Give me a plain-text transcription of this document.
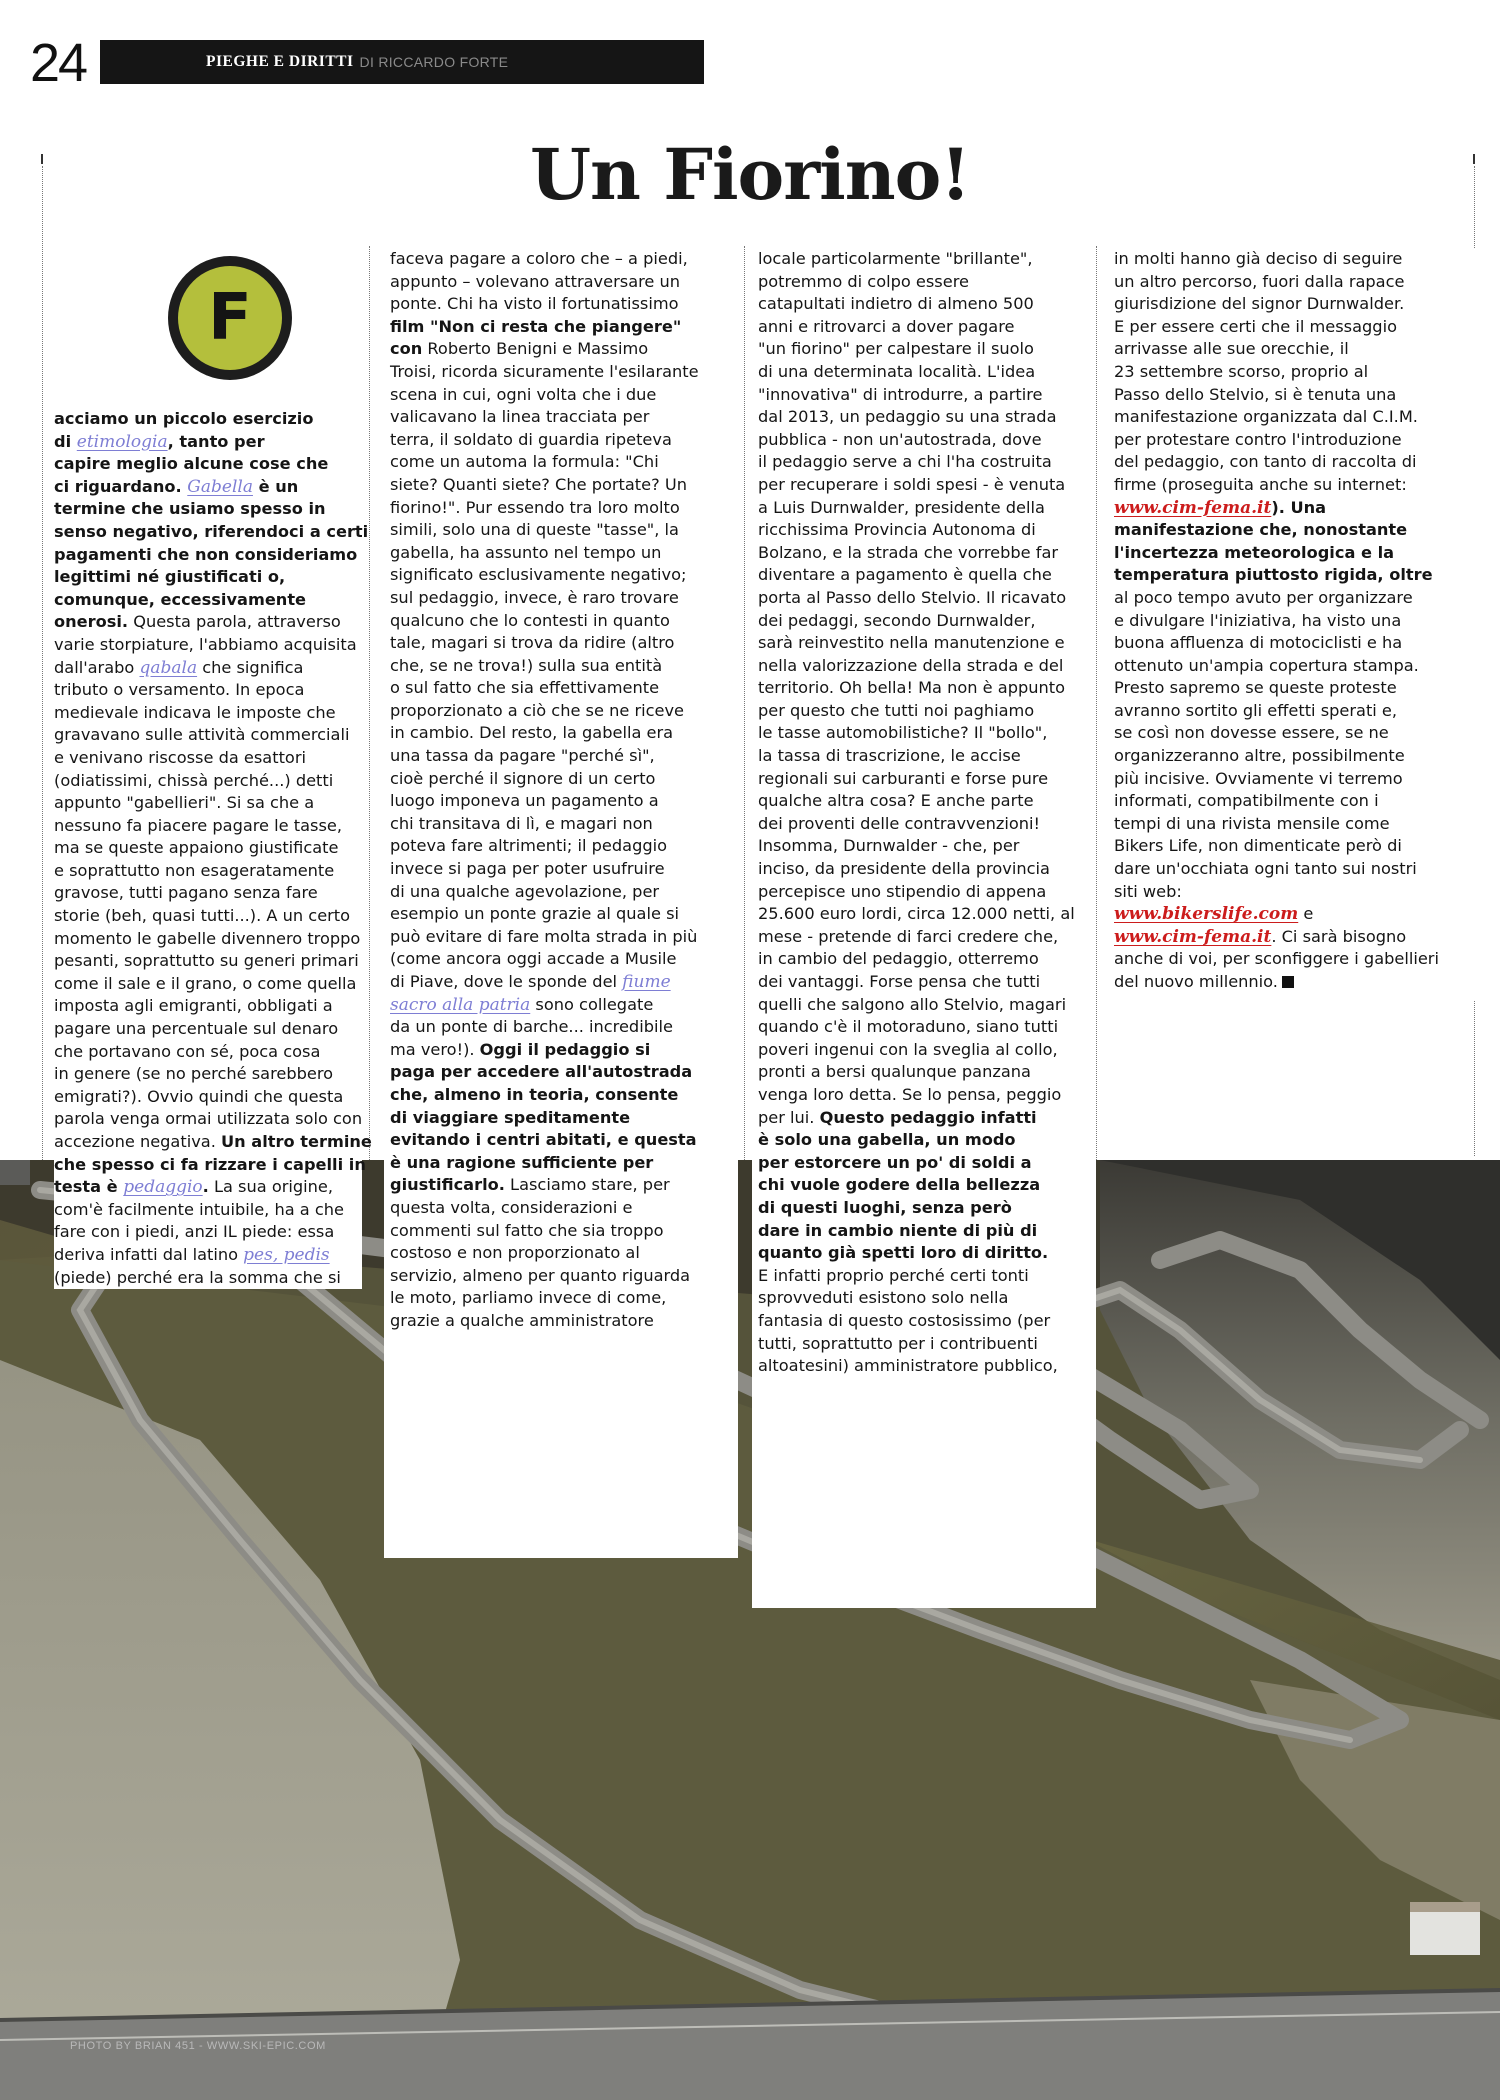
24	PIEGHE E DIRITTI DI RICCARDO FORTE
Un Fiorino!
PHOTO BY BRIAN 451 - WWW.SKI-EPIC.COM
F
acciamo un piccolo esercizio
di etimologia, tanto per
capire meglio alcune cose che
ci riguardano. Gabella è un
termine che usiamo spesso in
senso negativo, riferendoci a certi
pagamenti che non consideriamo
legittimi né giustificati o,
comunque, eccessivamente
onerosi. Questa parola, attraverso
varie storpiature, l'abbiamo acquisita
dall'arabo qabala che significa
tributo o versamento. In epoca
medievale indicava le imposte che
gravavano sulle attività commerciali
e venivano riscosse da esattori
(odiatissimi, chissà perché...) detti
appunto "gabellieri". Si sa che a
nessuno fa piacere pagare le tasse,
ma se queste appaiono giustificate
e soprattutto non esageratamente
gravose, tutti pagano senza fare
storie (beh, quasi tutti...). A un certo
momento le gabelle divennero troppo
pesanti, soprattutto su generi primari
come il sale e il grano, o come quella
imposta agli emigranti, obbligati a
pagare una percentuale sul denaro
che portavano con sé, poca cosa
in genere (se no perché sarebbero
emigrati?). Ovvio quindi che questa
parola venga ormai utilizzata solo con
accezione negativa. Un altro termine
che spesso ci fa rizzare i capelli in
testa è pedaggio. La sua origine,
com'è facilmente intuibile, ha a che
fare con i piedi, anzi IL piede: essa
deriva infatti dal latino pes, pedis
(piede) perché era la somma che si
faceva pagare a coloro che – a piedi,
appunto – volevano attraversare un
ponte. Chi ha visto il fortunatissimo
film "Non ci resta che piangere"
con Roberto Benigni e Massimo
Troisi, ricorda sicuramente l'esilarante
scena in cui, ogni volta che i due
valicavano la linea tracciata per
terra, il soldato di guardia ripeteva
come un automa la formula: "Chi
siete? Quanti siete? Che portate? Un
fiorino!". Pur essendo tra loro molto
simili, solo una di queste "tasse", la
gabella, ha assunto nel tempo un
significato esclusivamente negativo;
sul pedaggio, invece, è raro trovare
qualcuno che lo contesti in quanto
tale, magari si trova da ridire (altro
che, se ne trova!) sulla sua entità
o sul fatto che sia effettivamente
proporzionato a ciò che se ne riceve
in cambio. Del resto, la gabella era
una tassa da pagare "perché sì",
cioè perché il signore di un certo
luogo imponeva un pagamento a
chi transitava di lì, e magari non
poteva fare altrimenti; il pedaggio
invece si paga per poter usufruire
di una qualche agevolazione, per
esempio un ponte grazie al quale si
può evitare di fare molta strada in più
(come ancora oggi accade a Musile
di Piave, dove le sponde del fiume
sacro alla patria sono collegate
da un ponte di barche... incredibile
ma vero!). Oggi il pedaggio si
paga per accedere all'autostrada
che, almeno in teoria, consente
di viaggiare speditamente
evitando i centri abitati, e questa
è una ragione sufficiente per
giustificarlo. Lasciamo stare, per
questa volta, considerazioni e
commenti sul fatto che sia troppo
costoso e non proporzionato al
servizio, almeno per quanto riguarda
le moto, parliamo invece di come,
grazie a qualche amministratore
locale particolarmente "brillante",
potremmo di colpo essere
catapultati indietro di almeno 500
anni e ritrovarci a dover pagare
"un fiorino" per calpestare il suolo
di una determinata località. L'idea
"innovativa" di introdurre, a partire
dal 2013, un pedaggio su una strada
pubblica - non un'autostrada, dove
il pedaggio serve a chi l'ha costruita
per recuperare i soldi spesi - è venuta
a Luis Durnwalder, presidente della
ricchissima Provincia Autonoma di
Bolzano, e la strada che vorrebbe far
diventare a pagamento è quella che
porta al Passo dello Stelvio. Il ricavato
dei pedaggi, secondo Durnwalder,
sarà reinvestito nella manutenzione e
nella valorizzazione della strada e del
territorio. Oh bella! Ma non è appunto
per questo che tutti noi paghiamo
le tasse automobilistiche? Il "bollo",
la tassa di trascrizione, le accise
regionali sui carburanti e forse pure
qualche altra cosa? E anche parte
dei proventi delle contravvenzioni!
Insomma, Durnwalder - che, per
inciso, da presidente della provincia
percepisce uno stipendio di appena
25.600 euro lordi, circa 12.000 netti, al
mese - pretende di farci credere che,
in cambio del pedaggio, otterremo
dei vantaggi. Forse pensa che tutti
quelli che salgono allo Stelvio, magari
quando c'è il motoraduno, siano tutti
poveri ingenui con la sveglia al collo,
pronti a bersi qualunque panzana
venga loro detta. Se lo pensa, peggio
per lui. Questo pedaggio infatti
è solo una gabella, un modo
per estorcere un po' di soldi a
chi vuole godere della bellezza
di questi luoghi, senza però
dare in cambio niente di più di
quanto già spetti loro di diritto.
E infatti proprio perché certi tonti
sprovveduti esistono solo nella
fantasia di questo costosissimo (per
tutti, soprattutto per i contribuenti
altoatesini) amministratore pubblico,
in molti hanno già deciso di seguire
un altro percorso, fuori dalla rapace
giurisdizione del signor Durnwalder.
E per essere certi che il messaggio
arrivasse alle sue orecchie, il
23 settembre scorso, proprio al
Passo dello Stelvio, si è tenuta una
manifestazione organizzata dal C.I.M.
per protestare contro l'introduzione
del pedaggio, con tanto di raccolta di
firme (proseguita anche su internet:
www.cim-fema.it). Una
manifestazione che, nonostante
l'incertezza meteorologica e la
temperatura piuttosto rigida, oltre
al poco tempo avuto per organizzare
e divulgare l'iniziativa, ha visto una
buona affluenza di motociclisti e ha
ottenuto un'ampia copertura stampa.
Presto sapremo se queste proteste
avranno sortito gli effetti sperati e,
se così non dovesse essere, se ne
organizzeranno altre, possibilmente
più incisive. Ovviamente vi terremo
informati, compatibilmente con i
tempi di una rivista mensile come
Bikers Life, non dimenticate però di
dare un'occhiata ogni tanto sui nostri
siti web:
www.bikerslife.com e
www.cim-fema.it. Ci sarà bisogno
anche di voi, per sconfiggere i gabellieri
del nuovo millennio.
